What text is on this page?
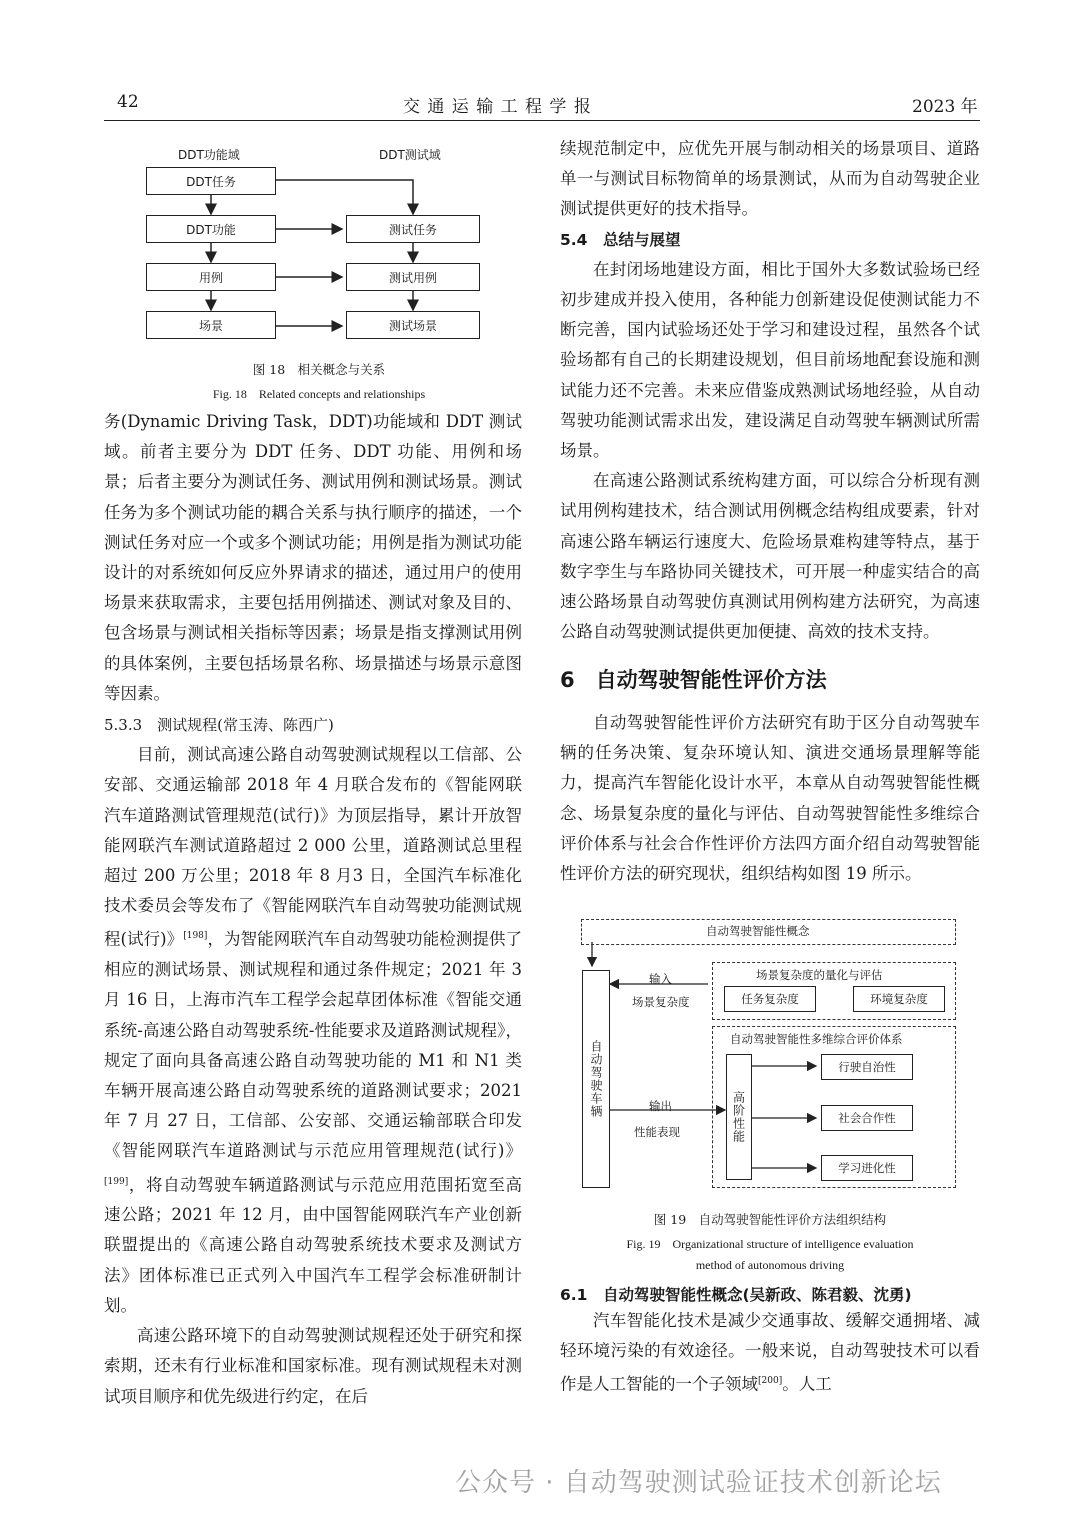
42	交 通 运 输 工 程 学 报	2023 年
DDT功能域	DDT测试域
DDT任务
DDT功能
用例
场景
测试任务
测试用例
测试场景
图 18　相关概念与关系
Fig. 18　Related concepts and relationships

务(Dynamic Driving Task，DDT)功能域和 DDT 测试域。前者主要分为 DDT 任务、DDT 功能、用例和场景；后者主要分为测试任务、测试用例和测试场景。测试任务为多个测试功能的耦合关系与执行顺序的描述，一个测试任务对应一个或多个测试功能；用例是指为测试功能设计的对系统如何反应外界请求的描述，通过用户的使用场景来获取需求，主要包括用例描述、测试对象及目的、包含场景与测试相关指标等因素；场景是指支撑测试用例的具体案例，主要包括场景名称、场景描述与场景示意图等因素。

5.3.3　测试规程(常玉涛、陈西广)

目前，测试高速公路自动驾驶测试规程以工信部、公安部、交通运输部 2018 年 4 月联合发布的《智能网联汽车道路测试管理规范(试行)》为顶层指导，累计开放智能网联汽车测试道路超过 2 000 公里，道路测试总里程超过 200 万公里；2018 年 8 月3 日，全国汽车标准化技术委员会等发布了《智能网联汽车自动驾驶功能测试规程(试行)》[198]，为智能网联汽车自动驾驶功能检测提供了相应的测试场景、测试规程和通过条件规定；2021 年 3 月 16 日，上海市汽车工程学会起草团体标准《智能交通系统-高速公路自动驾驶系统-性能要求及道路测试规程》，规定了面向具备高速公路自动驾驶功能的 M1 和 N1 类车辆开展高速公路自动驾驶系统的道路测试要求；2021 年 7 月 27 日，工信部、公安部、交通运输部联合印发《智能网联汽车道路测试与示范应用管理规范(试行)》[199]，将自动驾驶车辆道路测试与示范应用范围拓宽至高速公路；2021 年 12 月，由中国智能网联汽车产业创新联盟提出的《高速公路自动驾驶系统技术要求及测试方法》团体标准已正式列入中国汽车工程学会标准研制计划。

高速公路环境下的自动驾驶测试规程还处于研究和探索期，还未有行业标准和国家标准。现有测试规程未对测试项目顺序和优先级进行约定，在后

续规范制定中，应优先开展与制动相关的场景项目、道路单一与测试目标物简单的场景测试，从而为自动驾驶企业测试提供更好的技术指导。

5.4　总结与展望

在封闭场地建设方面，相比于国外大多数试验场已经初步建成并投入使用，各种能力创新建设促使测试能力不断完善，国内试验场还处于学习和建设过程，虽然各个试验场都有自己的长期建设规划，但目前场地配套设施和测试能力还不完善。未来应借鉴成熟测试场地经验，从自动驾驶功能测试需求出发，建设满足自动驾驶车辆测试所需场景。

在高速公路测试系统构建方面，可以综合分析现有测试用例构建技术，结合测试用例概念结构组成要素，针对高速公路车辆运行速度大、危险场景难构建等特点，基于数字孪生与车路协同关键技术，可开展一种虚实结合的高速公路场景自动驾驶仿真测试用例构建方法研究，为高速公路自动驾驶测试提供更加便捷、高效的技术支持。

6　自动驾驶智能性评价方法

自动驾驶智能性评价方法研究有助于区分自动驾驶车辆的任务决策、复杂环境认知、演进交通场景理解等能力，提高汽车智能化设计水平，本章从自动驾驶智能性概念、场景复杂度的量化与评估、自动驾驶智能性多维综合评价体系与社会合作性评价方法四方面介绍自动驾驶智能性评价方法的研究现状，组织结构如图 19 所示。

自动驾驶智能性概念
自动驾驶车辆
输入
场景复杂度
输出
性能表现
场景复杂度的量化与评估
任务复杂度	环境复杂度
自动驾驶智能性多维综合评价体系
高阶性能
行驶自治性
社会合作性
学习进化性
图 19　自动驾驶智能性评价方法组织结构
Fig. 19　Organizational structure of intelligence evaluation
method of autonomous driving
6.1　自动驾驶智能性概念(吴新政、陈君毅、沈勇)

汽车智能化技术是减少交通事故、缓解交通拥堵、减轻环境污染的有效途径。一般来说，自动驾驶技术可以看作是人工智能的一个子领域[200]。人工

公众号 · 自动驾驶测试验证技术创新论坛
